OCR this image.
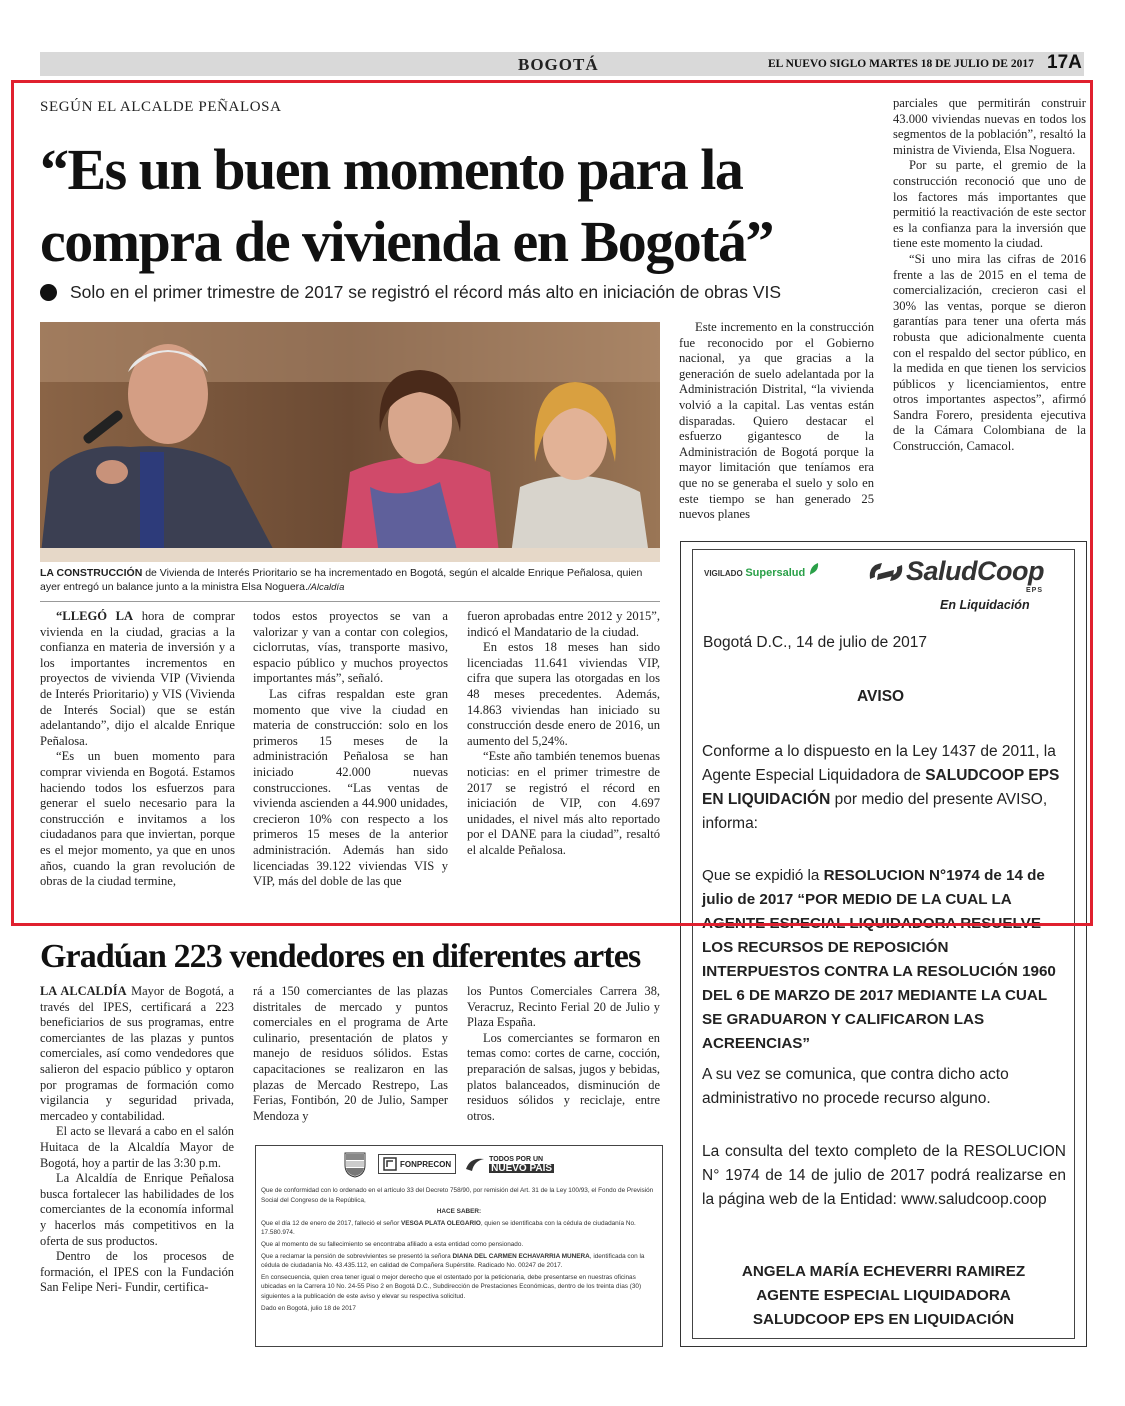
BOGOTÁ	EL NUEVO SIGLO MARTES 18 DE JULIO DE 2017 17A
SEGÚN EL ALCALDE PEÑALOSA
“Es un buen momento para la
compra de vivienda en Bogotá”
Solo en el primer trimestre de 2017 se registró el récord más alto en iniciación de obras VIS
LA CONSTRUCCIÓN de Vivienda de Interés Prioritario se ha incrementado en Bogotá, según el alcalde Enrique Peñalosa, quien ayer entregó un balance junto a la ministra Elsa Noguera./Alcaldía

“LLEGÓ LA hora de comprar vivienda en la ciudad, gracias a la confianza en materia de inversión y a los importantes incrementos en proyectos de vivienda VIP (Vivienda de Interés Prioritario) y VIS (Vivienda de Interés Social) que se están adelantando”, dijo el alcalde Enrique Peñalosa.

“Es un buen momento para comprar vivienda en Bogotá. Estamos haciendo todos los esfuerzos para generar el suelo necesario para la construcción e invitamos a los ciudadanos para que inviertan, porque es el mejor momento, ya que en unos años, cuando la gran revolución de obras de la ciudad termine,

todos estos proyectos se van a valorizar y van a contar con colegios, ciclorrutas, vías, transporte masivo, espacio público y muchos proyectos importantes más”, señaló.

Las cifras respaldan este gran momento que vive la ciudad en materia de construcción: solo en los primeros 15 meses de la administración Peñalosa se han iniciado 42.000 nuevas construcciones. “Las ventas de vivienda ascienden a 44.900 unidades, crecieron 10% con respecto a los primeros 15 meses de la anterior administración. Además han sido licenciadas 39.122 viviendas VIS y VIP, más del doble de las que

fueron aprobadas entre 2012 y 2015”, indicó el Mandatario de la ciudad.

En estos 18 meses han sido licenciadas 11.641 viviendas VIP, cifra que supera las otorgadas en los 48 meses precedentes. Además, 14.863 viviendas han iniciado su construcción desde enero de 2016, un aumento del 5,24%.

“Este año también tenemos buenas noticias: en el primer trimestre de 2017 se registró el récord en iniciación de VIP, con 4.697 unidades, el nivel más alto reportado por el DANE para la ciudad”, resaltó el alcalde Peñalosa.

Este incremento en la construcción fue reconocido por el Gobierno nacional, ya que gracias a la generación de suelo adelantada por la Administración Distrital, “la vivienda volvió a la capital. Las ventas están disparadas. Quiero destacar el esfuerzo gigantesco de la Administración de Bogotá porque la mayor limitación que teníamos era que no se generaba el suelo y solo en este tiempo se han generado 25 nuevos planes

parciales que permitirán construir 43.000 viviendas nuevas en todos los segmentos de la población”, resaltó la ministra de Vivienda, Elsa Noguera.

Por su parte, el gremio de la construcción reconoció que uno de los factores más importantes que permitió la reactivación de este sector es la confianza para la inversión que tiene este momento la ciudad.

“Si uno mira las cifras de 2016 frente a las de 2015 en el tema de comercialización, crecieron casi el 30% las ventas, porque se dieron garantías para tener una oferta más robusta que adicionalmente cuenta con el respaldo del sector público, en la medida en que tienen los servicios públicos y licenciamientos, entre otros importantes aspectos”, afirmó Sandra Forero, presidenta ejecutiva de la Cámara Colombiana de la Construcción, Camacol.

VIGILADO Supersalud	SaludCoop
EPS
En Liquidación
Bogotá D.C., 14 de julio de 2017
AVISO
Conforme a lo dispuesto en la Ley 1437 de 2011, la Agente Especial Liquidadora de SALUDCOOP EPS EN LIQUIDACIÓN por medio del presente AVISO, informa:
Que se expidió la RESOLUCION N°1974 de 14 de julio de 2017 “POR MEDIO DE LA CUAL LA AGENTE ESPECIAL LIQUIDADORA RESUELVE LOS RECURSOS DE REPOSICIÓN INTERPUESTOS CONTRA LA RESOLUCIÓN 1960 DEL 6 DE MARZO DE 2017 MEDIANTE LA CUAL SE GRADUARON Y CALIFICARON LAS ACREENCIAS”
A su vez se comunica, que contra dicho acto administrativo no procede recurso alguno.
La consulta del texto completo de la RESOLUCION N° 1974 de 14 de julio de 2017 podrá realizarse en la página web de la Entidad: www.saludcoop.coop
ANGELA MARÍA ECHEVERRI RAMIREZ
AGENTE ESPECIAL LIQUIDADORA
SALUDCOOP EPS EN LIQUIDACIÓN
Gradúan 223 vendedores en diferentes artes

LA ALCALDÍA Mayor de Bogotá, a través del IPES, certificará a 223 beneficiarios de sus programas, entre comerciantes de las plazas y puntos comerciales, así como vendedores que salieron del espacio público y optaron por programas de formación como vigilancia y seguridad privada, mercadeo y contabilidad.

El acto se llevará a cabo en el salón Huitaca de la Alcaldía Mayor de Bogotá, hoy a partir de las 3:30 p.m.

La Alcaldía de Enrique Peñalosa busca fortalecer las habilidades de los comerciantes de la economía informal y hacerlos más competitivos en la oferta de sus productos.

Dentro de los procesos de formación, el IPES con la Fundación San Felipe Neri- Fundir, certifica-

rá a 150 comerciantes de las plazas distritales de mercado y puntos comerciales en el programa de Arte culinario, presentación de platos y manejo de residuos sólidos. Estas capacitaciones se realizaron en las plazas de Mercado Restrepo, Las Ferias, Fontibón, 20 de Julio, Samper Mendoza y

los Puntos Comerciales Carrera 38, Veracruz, Recinto Ferial 20 de Julio y Plaza España.

Los comerciantes se formaron en temas como: cortes de carne, cocción, preparación de salsas, jugos y bebidas, platos balanceados, disminución de residuos sólidos y reciclaje, entre otros.

FONPRECON	TODOS POR UN
NUEVO PAÍS

Que de conformidad con lo ordenado en el artículo 33 del Decreto 758/90, por remisión del Art. 31 de la Ley 100/93, el Fondo de Previsión Social del Congreso de la República,

HACE SABER:

Que el día 12 de enero de 2017, falleció el señor VESGA PLATA OLEGARIO, quien se identificaba con la cédula de ciudadanía No. 17.580.974.

Que al momento de su fallecimiento se encontraba afiliado a esta entidad como pensionado.

Que a reclamar la pensión de sobrevivientes se presentó la señora DIANA DEL CARMEN ECHAVARRIA MUNERA, identificada con la cédula de ciudadanía No. 43.435.112, en calidad de Compañera Supérstite. Radicado No. 00247 de 2017.

En consecuencia, quien crea tener igual o mejor derecho que el ostentado por la peticionaria, debe presentarse en nuestras oficinas ubicadas en la Carrera 10 No. 24-55 Piso 2 en Bogotá D.C., Subdirección de Prestaciones Económicas, dentro de los treinta días (30) siguientes a la publicación de este aviso y elevar su respectiva solicitud.

Dado en Bogotá, julio 18 de 2017
